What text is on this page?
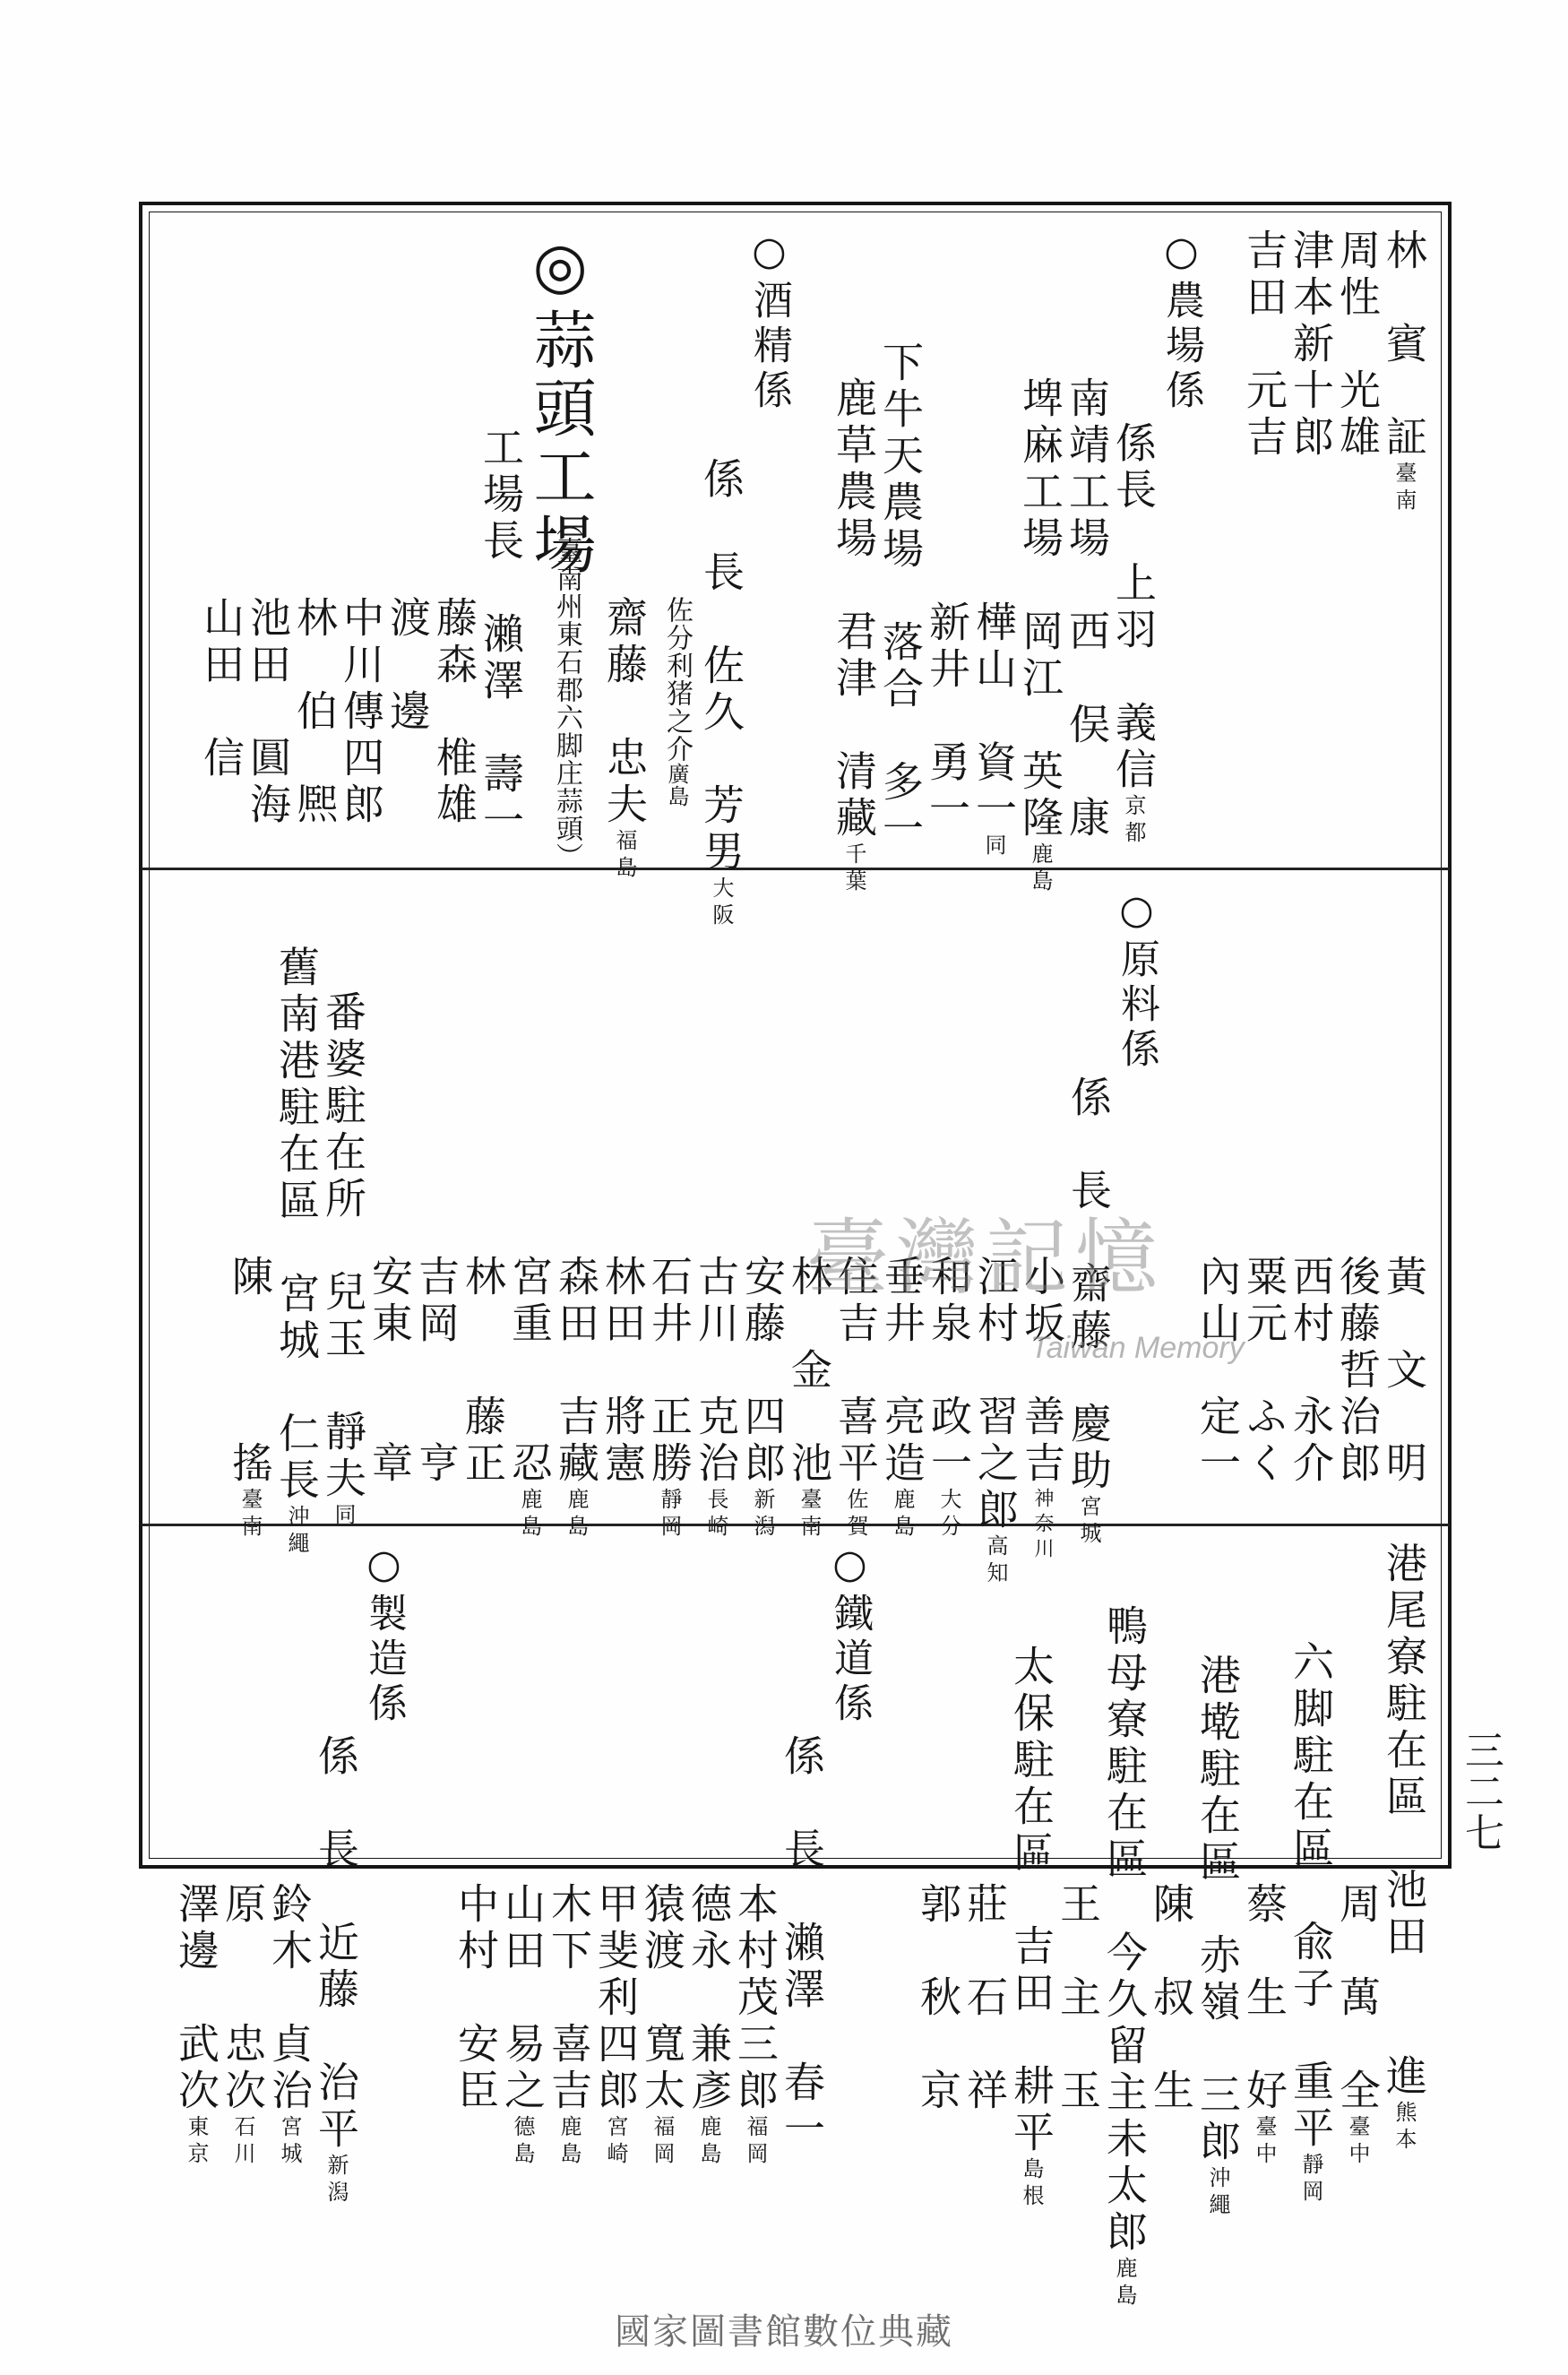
林　賓　証臺南
周性　光雄
津本新十郎
吉田　元吉
○農場係
係長　上羽　義信京都
南靖工場　西　俣　康
埤麻工場　岡江　英隆鹿島
樺山　資一同
新井　勇一
下牛天農場　落合　多一
鹿草農場　君津　清藏千葉
○酒精係
係　長　佐久　芳男大阪
佐分利猪之介廣島
齋藤　忠夫福島
◎蒜頭工場
（臺南州東石郡六脚庄蒜頭）
工場長　瀨澤　壽一
藤森　椎雄
渡　邊
中川傳四郎
林　伯　熈
池田　圓海
山田　信
黃　文　明
後藤哲治郎
西村　永介
粟元　ふく
內山　定一
○原料係
係　長　齋藤　慶助宮城
小坂　善吉神奈川
江村　習之郎高知
和泉　政一大分
垂井　亮造鹿島
住吉　喜平佐賀
林　金　池臺南
安藤　四郎新潟
古川　克治長崎
石井　正勝靜岡
林田　將憲
森田　吉藏鹿島
宮重　　忍鹿島
林　　藤正
吉岡　　亨
安東　　章
番婆駐在所　兒玉　靜夫同
舊南港駐在區　宮城　仁長沖繩
陳　　　搖臺南
港尾寮駐在區　池田　　進熊本
周　萬　全臺中
六脚駐在區　兪子　重平靜岡
蔡　生　好臺中
港墘駐在區　赤嶺　三郎沖繩
陳　叔　生
鴨母寮駐在區　今久留主未太郎鹿島
王　主　玉
太保駐在區　吉田　耕平島根
莊　石　祥
郭　秋　京
○鐵道係
係　長　瀨澤　春一
本村茂三郎福岡
德永　兼彥鹿島
猿渡　寬太福岡
甲斐利四郎宮崎
木下　喜吉鹿島
山田　易之德島
中村　安臣
○製造係
係　長　近藤　治平新潟
鈴木　貞治宮城
原　　忠次石川
澤邊　武次東京
臺灣記憶
Taiwan Memory
三二七
國家圖書館數位典藏
